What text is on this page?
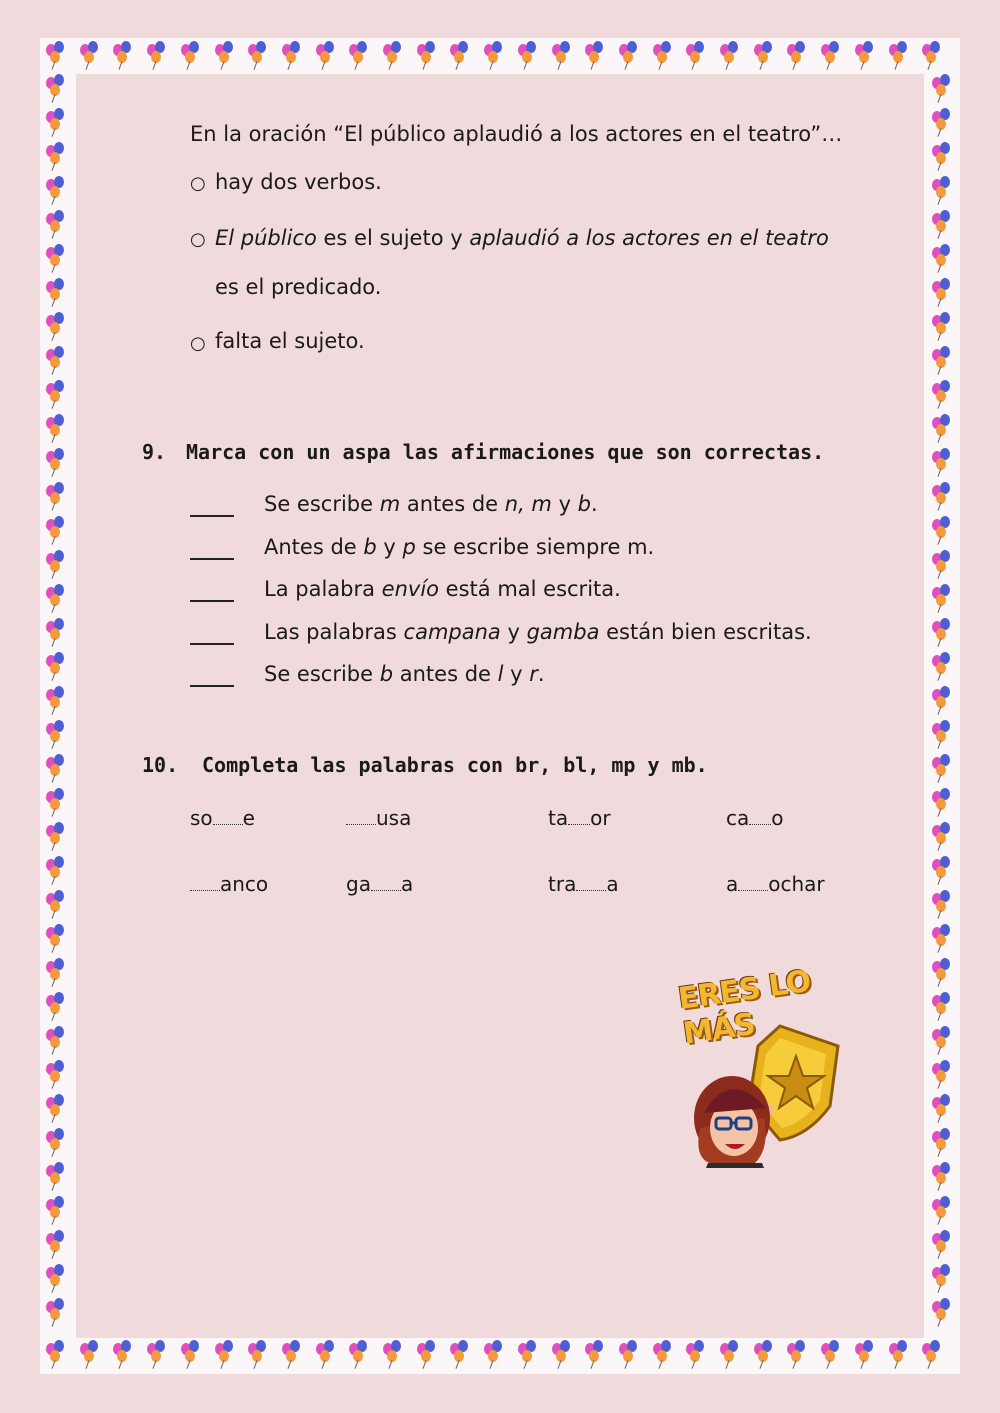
En la oración “El público aplaudió a los actores en el teatro”…
○ hay dos verbos.
○ El público es el sujeto y aplaudió a los actores en el teatro
es el predicado.
○ falta el sujeto.
9. Marca con un aspa las afirmaciones que son correctas.
Se escribe m antes de n, m y b.
Antes de b y p se escribe siempre m.
La palabra envío está mal escrita.
Las palabras campana y gamba están bien escritas.
Se escribe b antes de l y r.
10. Completa las palabras con br, bl, mp y mb.
so e	usa	ta or	ca o
anco	ga a	tra a	a ochar
ERES LO MÁS
